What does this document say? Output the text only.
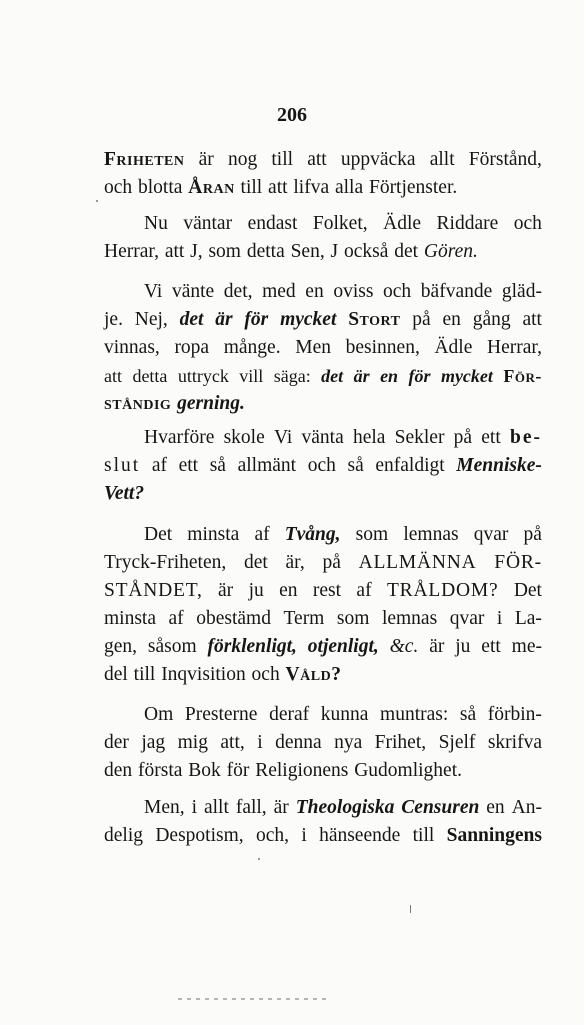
206
Friheten är nog till att uppväcka allt Förstånd,
och blotta Åran till att lifva alla Förtjenster.
Nu väntar endast Folket, Ädle Riddare och
Herrar, att J, som detta Sen, J också det Gören.
Vi vänte det, med en oviss och bäfvande gläd-
je. Nej, det är för mycket Stort på en gång att
vinnas, ropa månge. Men besinnen, Ädle Herrar,
att detta uttryck vill säga: det är en för mycket För-
ståndig gerning.
Hvarföre skole Vi vänta hela Sekler på ett be-
slut af ett så allmänt och så enfaldigt Menniske-
Vett?
Det minsta af Tvång, som lemnas qvar på
Tryck-Friheten, det är, på ALLMÄNNA FÖR-
STÅNDET, är ju en rest af TRÅLDOM? Det
minsta af obestämd Term som lemnas qvar i La-
gen, såsom förklenligt, otjenligt, &c. är ju ett me-
del till Inqvisition och Våld?
Om Presterne deraf kunna muntras: så förbin-
der jag mig att, i denna nya Frihet, Sjelf skrifva
den första Bok för Religionens Gudomlighet.
Men, i allt fall, är Theologiska Censuren en An-
delig Despotism, och, i hänseende till Sanningens
